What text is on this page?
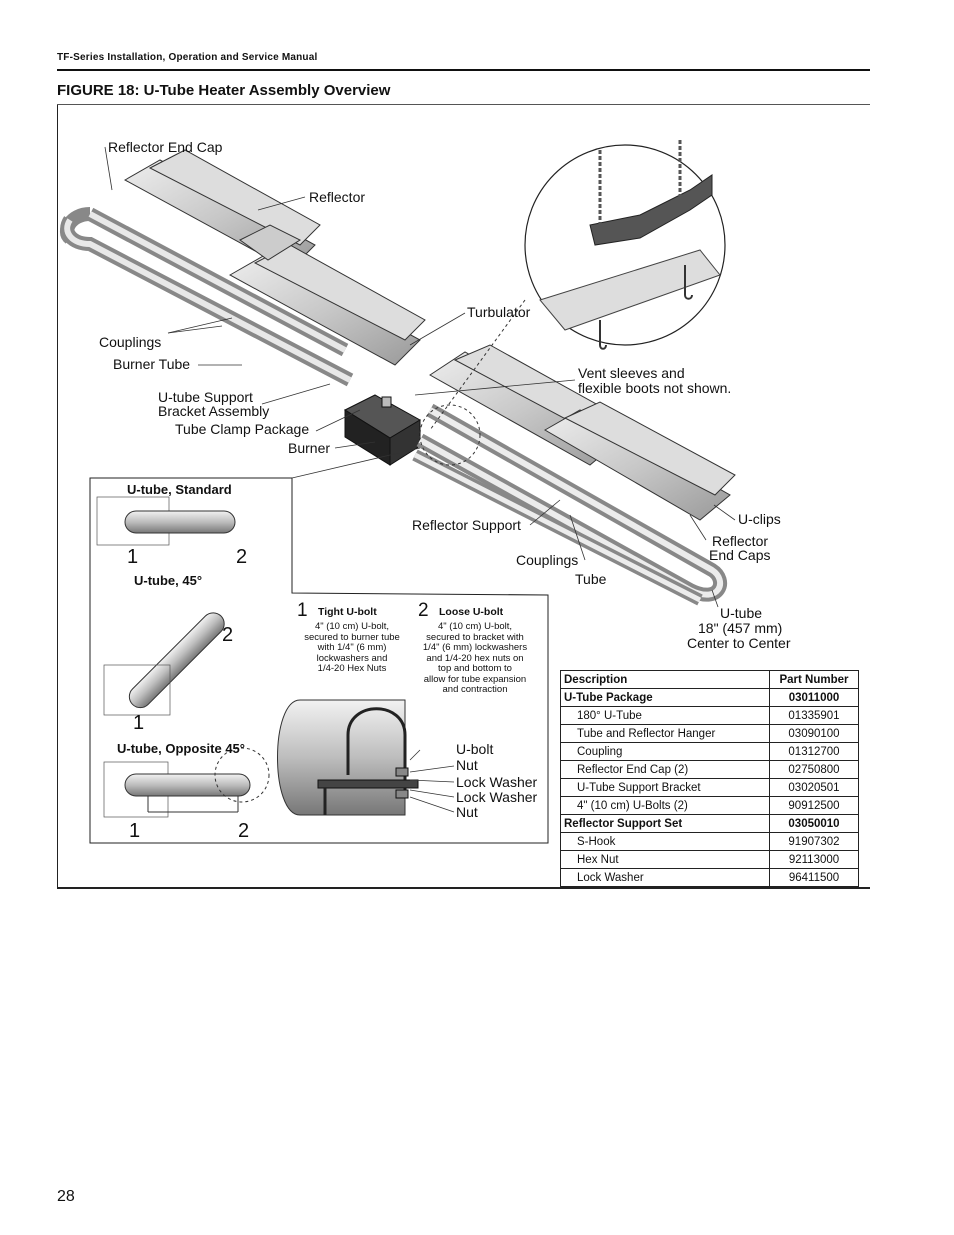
TF-Series Installation, Operation and Service Manual
FIGURE 18: U-Tube Heater Assembly Overview
Reflector End Cap
Reflector
Turbulator
Couplings
Burner Tube
U-tube Support
Bracket Assembly
Tube Clamp Package
Burner
Vent sleeves and
flexible boots not shown.
Reflector Support
Couplings
Tube
U-clips
Reflector
End Caps
U-tube
18" (457 mm)
Center to Center
U-tube, Standard
1	2
U-tube, 45°
2
1
U-tube, Opposite 45°
1	2
1 Tight U-bolt
4" (10 cm) U-bolt,
secured to burner tube
with 1/4" (6 mm)
lockwashers and
1/4-20 Hex Nuts
2 Loose U-bolt
4" (10 cm) U-bolt,
secured to bracket with
1/4" (6 mm) lockwashers
and 1/4-20 hex nuts on
top and bottom to
allow for tube expansion
and contraction
U-bolt
Nut
Lock Washer
Lock Washer
Nut
Description	Part Number
U-Tube Package	03011000
180° U-Tube	01335901
Tube and Reflector Hanger	03090100
Coupling	01312700
Reflector End Cap (2)	02750800
U-Tube Support Bracket	03020501
4" (10 cm) U-Bolts (2)	90912500
Reflector Support Set	03050010
S-Hook	91907302
Hex Nut	92113000
Lock Washer	96411500
28
